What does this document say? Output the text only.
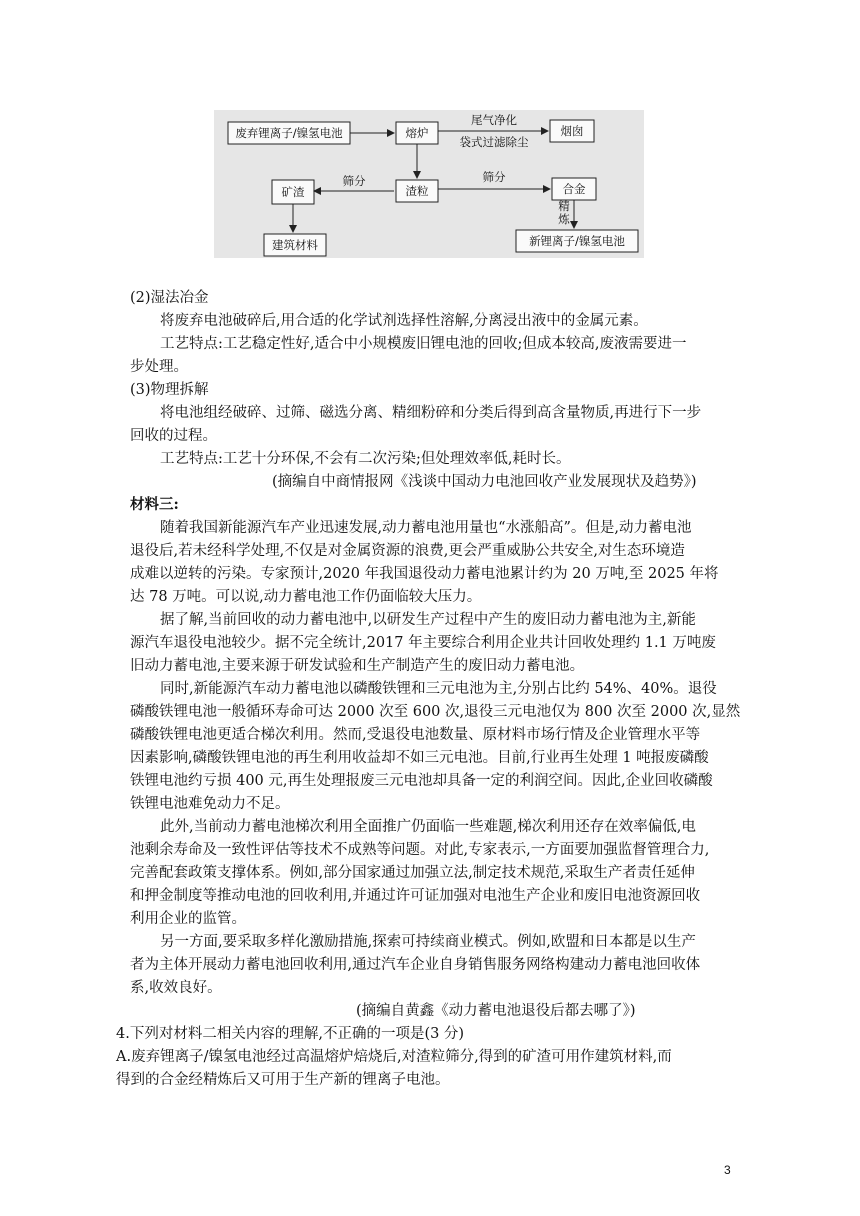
废弃锂离子/镍氢电池	熔炉	烟囱
尾气净化
袋式过滤除尘
矿渣
筛分
渣粒
筛分
合金
精
炼
建筑材料	新锂离子/镍氢电池
(2)湿法冶金
将废弃电池破碎后,用合适的化学试剂选择性溶解,分离浸出液中的金属元素。
工艺特点:工艺稳定性好,适合中小规模废旧锂电池的回收;但成本较高,废液需要进一
步处理。
(3)物理拆解
将电池组经破碎、过筛、磁选分离、精细粉碎和分类后得到高含量物质,再进行下一步
回收的过程。
工艺特点:工艺十分环保,不会有二次污染;但处理效率低,耗时长。
(摘编自中商情报网《浅谈中国动力电池回收产业发展现状及趋势》)
材料三:
随着我国新能源汽车产业迅速发展,动力蓄电池用量也“水涨船高”。但是,动力蓄电池
退役后,若未经科学处理,不仅是对金属资源的浪费,更会严重威胁公共安全,对生态环境造
成难以逆转的污染。专家预计,2020 年我国退役动力蓄电池累计约为 20 万吨,至 2025 年将
达 78 万吨。可以说,动力蓄电池工作仍面临较大压力。
据了解,当前回收的动力蓄电池中,以研发生产过程中产生的废旧动力蓄电池为主,新能
源汽车退役电池较少。据不完全统计,2017 年主要综合利用企业共计回收处理约 1.1 万吨废
旧动力蓄电池,主要来源于研发试验和生产制造产生的废旧动力蓄电池。
同时,新能源汽车动力蓄电池以磷酸铁锂和三元电池为主,分别占比约 54%、40%。退役
磷酸铁锂电池一般循环寿命可达 2000 次至 600 次,退役三元电池仅为 800 次至 2000 次,显然
磷酸铁锂电池更适合梯次利用。然而,受退役电池数量、原材料市场行情及企业管理水平等
因素影响,磷酸铁锂电池的再生利用收益却不如三元电池。目前,行业再生处理 1 吨报废磷酸
铁锂电池约亏损 400 元,再生处理报废三元电池却具备一定的利润空间。因此,企业回收磷酸
铁锂电池难免动力不足。
此外,当前动力蓄电池梯次利用全面推广仍面临一些难题,梯次利用还存在效率偏低,电
池剩余寿命及一致性评估等技术不成熟等问题。对此,专家表示,一方面要加强监督管理合力,
完善配套政策支撑体系。例如,部分国家通过加强立法,制定技术规范,采取生产者责任延伸
和押金制度等推动电池的回收利用,并通过许可证加强对电池生产企业和废旧电池资源回收
利用企业的监管。
另一方面,要采取多样化激励措施,探索可持续商业模式。例如,欧盟和日本都是以生产
者为主体开展动力蓄电池回收利用,通过汽车企业自身销售服务网络构建动力蓄电池回收体
系,收效良好。
(摘编自黄鑫《动力蓄电池退役后都去哪了》)
4.下列对材料二相关内容的理解,不正确的一项是(3 分)
A.废弃锂离子/镍氢电池经过高温熔炉焙烧后,对渣粒筛分,得到的矿渣可用作建筑材料,而
得到的合金经精炼后又可用于生产新的锂离子电池。
3
